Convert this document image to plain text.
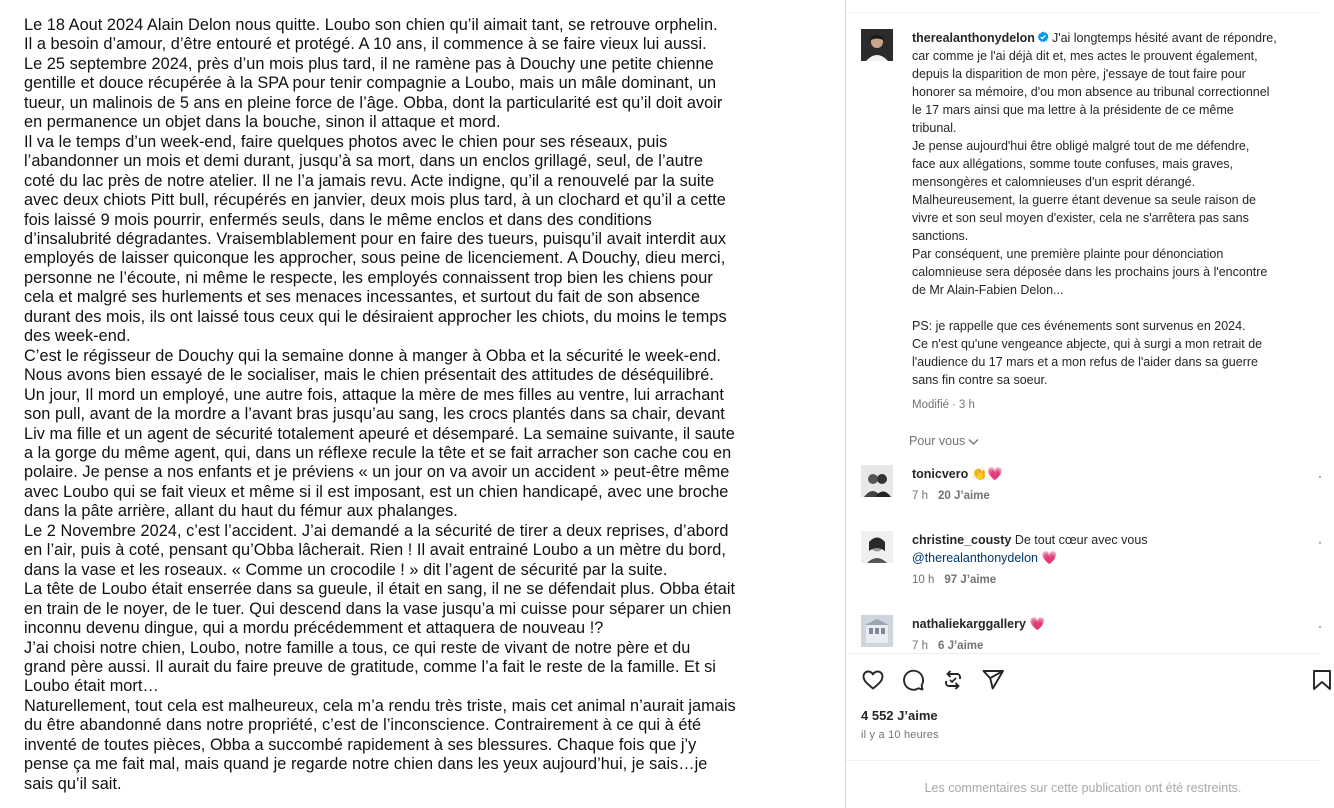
Le 18 Aout 2024 Alain Delon nous quitte. Loubo son chien qu’il aimait tant, se retrouve orphelin.
Il a besoin d’amour, d’être entouré et protégé. A 10 ans, il commence à se faire vieux lui aussi.
Le 25 septembre 2024, près d’un mois plus tard, il ne ramène pas à Douchy une petite chienne
gentille et douce récupérée à la SPA pour tenir compagnie a Loubo, mais un mâle dominant, un
tueur, un malinois de 5 ans en pleine force de l’âge. Obba, dont la particularité est qu’il doit avoir
en permanence un objet dans la bouche, sinon il attaque et mord.

Il va le temps d’un week-end, faire quelques photos avec le chien pour ses réseaux, puis
l’abandonner un mois et demi durant, jusqu’à sa mort, dans un enclos grillagé, seul, de l’autre
coté du lac près de notre atelier. Il ne l’a jamais revu. Acte indigne, qu’il a renouvelé par la suite
avec deux chiots Pitt bull, récupérés en janvier, deux mois plus tard, à un clochard et qu’il a cette
fois laissé 9 mois pourrir, enfermés seuls, dans le même enclos et dans des conditions
d’insalubrité dégradantes. Vraisemblablement pour en faire des tueurs, puisqu’il avait interdit aux
employés de laisser quiconque les approcher, sous peine de licenciement. A Douchy, dieu merci,
personne ne l’écoute, ni même le respecte, les employés connaissent trop bien les chiens pour
cela et malgré ses hurlements et ses menaces incessantes, et surtout du fait de son absence
durant des mois, ils ont laissé tous ceux qui le désiraient approcher les chiots, du moins le temps
des week-end.

C’est le régisseur de Douchy qui la semaine donne à manger à Obba et la sécurité le week-end.
Nous avons bien essayé de le socialiser, mais le chien présentait des attitudes de déséquilibré.
Un jour, Il mord un employé, une autre fois, attaque la mère de mes filles au ventre, lui arrachant
son pull, avant de la mordre a l’avant bras jusqu’au sang, les crocs plantés dans sa chair, devant
Liv ma fille et un agent de sécurité totalement apeuré et désemparé. La semaine suivante, il saute
a la gorge du même agent, qui, dans un réflexe recule la tête et se fait arracher son cache cou en
polaire. Je pense a nos enfants et je préviens « un jour on va avoir un accident » peut-être même
avec Loubo qui se fait vieux et même si il est imposant, est un chien handicapé, avec une broche
dans la pâte arrière, allant du haut du fémur aux phalanges.

Le 2 Novembre 2024, c’est l’accident. J’ai demandé a la sécurité de tirer a deux reprises, d’abord
en l’air, puis à coté, pensant qu’Obba lâcherait. Rien ! Il avait entrainé Loubo a un mètre du bord,
dans la vase et les roseaux. « Comme un crocodile ! » dit l’agent de sécurité par la suite.

La tête de Loubo était enserrée dans sa gueule, il était en sang, il ne se défendait plus. Obba était
en train de le noyer, de le tuer. Qui descend dans la vase jusqu’a mi cuisse pour séparer un chien
inconnu devenu dingue, qui a mordu précédemment et attaquera de nouveau !?

J’ai choisi notre chien, Loubo, notre famille a tous, ce qui reste de vivant de notre père et du
grand père aussi. Il aurait du faire preuve de gratitude, comme l’a fait le reste de la famille. Et si
Loubo était mort…

Naturellement, tout cela est malheureux, cela m’a rendu très triste, mais cet animal n’aurait jamais
du être abandonné dans notre propriété, c’est de l’inconscience. Contrairement à ce qui à été
inventé de toutes pièces, Obba a succombé rapidement à ses blessures. Chaque fois que j’y
pense ça me fait mal, mais quand je regarde notre chien dans les yeux aujourd’hui, je sais…je
sais qu’il sait.

therealanthonydelon J'ai longtemps hésité avant de répondre,
car comme je l'ai déjà dit et, mes actes le prouvent également,
depuis la disparition de mon père, j'essaye de tout faire pour
honorer sa mémoire, d'ou mon absence au tribunal correctionnel
le 17 mars ainsi que ma lettre à la présidente de ce même
tribunal.
Je pense aujourd'hui être obligé malgré tout de me défendre,
face aux allégations, somme toute confuses, mais graves,
mensongères et calomnieuses d'un esprit dérangé.
Malheureusement, la guerre étant devenue sa seule raison de
vivre et son seul moyen d'exister, cela ne s'arrêtera pas sans
sanctions.
Par conséquent, une première plainte pour dénonciation
calomnieuse sera déposée dans les prochains jours à l'encontre
de Mr Alain-Fabien Delon...
PS: je rappelle que ces événements sont survenus en 2024.
Ce n'est qu'une vengeance abjecte, qui à surgi a mon retrait de
l'audience du 17 mars et a mon refus de l'aider dans sa guerre
sans fin contre sa soeur.
Modifié · 3 h
Pour vous
tonicvero 👏💗
7 h 20 J’aime
·
christine_cousty De tout cœur avec vous
@therealanthonydelon 💗
10 h 97 J’aime
·
nathaliekarggallery 💗
7 h 6 J’aime
·
4 552 J’aime
il y a 10 heures
Les commentaires sur cette publication ont été restreints.
